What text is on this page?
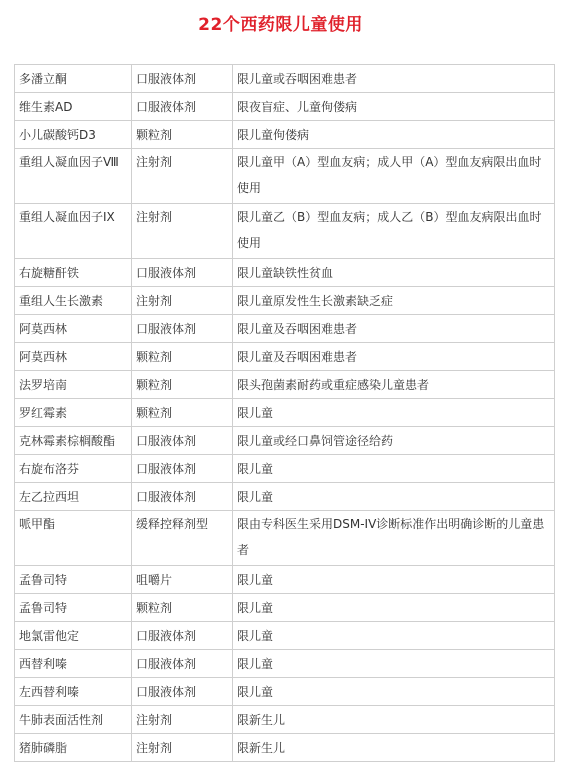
22个西药限儿童使用
多潘立酮	口服液体剂	限儿童或吞咽困难患者
维生素AD	口服液体剂	限夜盲症、儿童佝偻病
小儿碳酸钙D3	颗粒剂	限儿童佝偻病
重组人凝血因子Ⅷ	注射剂	限儿童甲（A）型血友病；成人甲（A）型血友病限出血时使用
重组人凝血因子IX	注射剂	限儿童乙（B）型血友病；成人乙（B）型血友病限出血时使用
右旋糖酐铁	口服液体剂	限儿童缺铁性贫血
重组人生长激素	注射剂	限儿童原发性生长激素缺乏症
阿莫西林	口服液体剂	限儿童及吞咽困难患者
阿莫西林	颗粒剂	限儿童及吞咽困难患者
法罗培南	颗粒剂	限头孢菌素耐药或重症感染儿童患者
罗红霉素	颗粒剂	限儿童
克林霉素棕榈酸酯	口服液体剂	限儿童或经口鼻饲管途径给药
右旋布洛芬	口服液体剂	限儿童
左乙拉西坦	口服液体剂	限儿童
哌甲酯	缓释控释剂型	限由专科医生采用DSM-IV诊断标准作出明确诊断的儿童患者
孟鲁司特	咀嚼片	限儿童
孟鲁司特	颗粒剂	限儿童
地氯雷他定	口服液体剂	限儿童
西替利嗪	口服液体剂	限儿童
左西替利嗪	口服液体剂	限儿童
牛肺表面活性剂	注射剂	限新生儿
猪肺磷脂	注射剂	限新生儿
